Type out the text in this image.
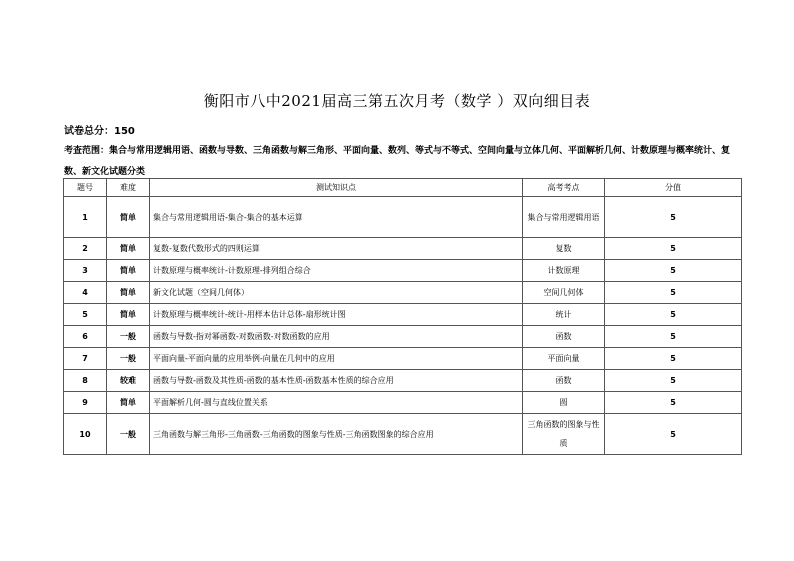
衡阳市八中2021届高三第五次月考（数学 ）双向细目表
试卷总分：150
考查范围：集合与常用逻辑用语、函数与导数、三角函数与解三角形、平面向量、数列、等式与不等式、空间向量与立体几何、平面解析几何、计数原理与概率统计、复数、新文化试题分类
题号	难度	测试知识点	高考考点	分值
1	简单	集合与常用逻辑用语-集合-集合的基本运算	集合与常用逻辑用语	5
2	简单	复数-复数代数形式的四则运算	复数	5
3	简单	计数原理与概率统计-计数原理-排列组合综合	计数原理	5
4	简单	新文化试题（空间几何体）	空间几何体	5
5	简单	计数原理与概率统计-统计-用样本估计总体-扇形统计图	统计	5
6	一般	函数与导数-指对幂函数-对数函数-对数函数的应用	函数	5
7	一般	平面向量-平面向量的应用举例-向量在几何中的应用	平面向量	5
8	较难	函数与导数-函数及其性质-函数的基本性质-函数基本性质的综合应用	函数	5
9	简单	平面解析几何-圆与直线位置关系	圆	5
10	一般	三角函数与解三角形-三角函数-三角函数的图象与性质-三角函数图象的综合应用	三角函数的图象与性质	5
